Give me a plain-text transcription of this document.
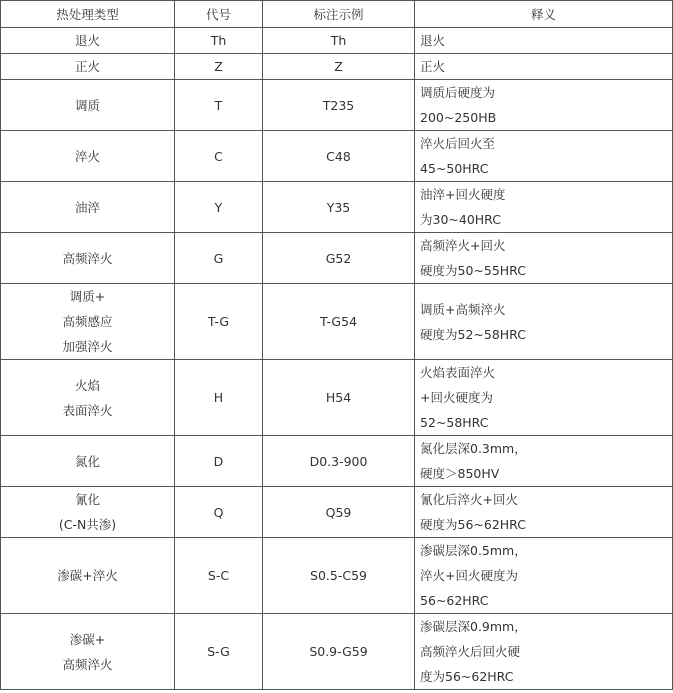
热处理类型	代号	标注示例	释义

退火	Th	Th	退火

正火	Z	Z	正火

调质	T	T235	调质后硬度为
200~250HB

淬火	C	C48	淬火后回火至
45~50HRC

油淬	Y	Y35	油淬+回火硬度
为30~40HRC

高频淬火	G	G52	高频淬火+回火
硬度为50~55HRC

调质+
高频感应
加强淬火	T-G	T-G54	调质+高频淬火
硬度为52~58HRC

火焰
表面淬火	H	H54	火焰表面淬火
+回火硬度为
52~58HRC

氮化	D	D0.3-900	氮化层深0.3mm，
硬度＞850HV

氰化
(C-N共渗)	Q	Q59	氰化后淬火+回火
硬度为56~62HRC

渗碳+淬火	S-C	S0.5-C59	渗碳层深0.5mm，
淬火+回火硬度为
56~62HRC

渗碳+
高频淬火	S-G	S0.9-G59	渗碳层深0.9mm，
高频淬火后回火硬
度为56~62HRC
